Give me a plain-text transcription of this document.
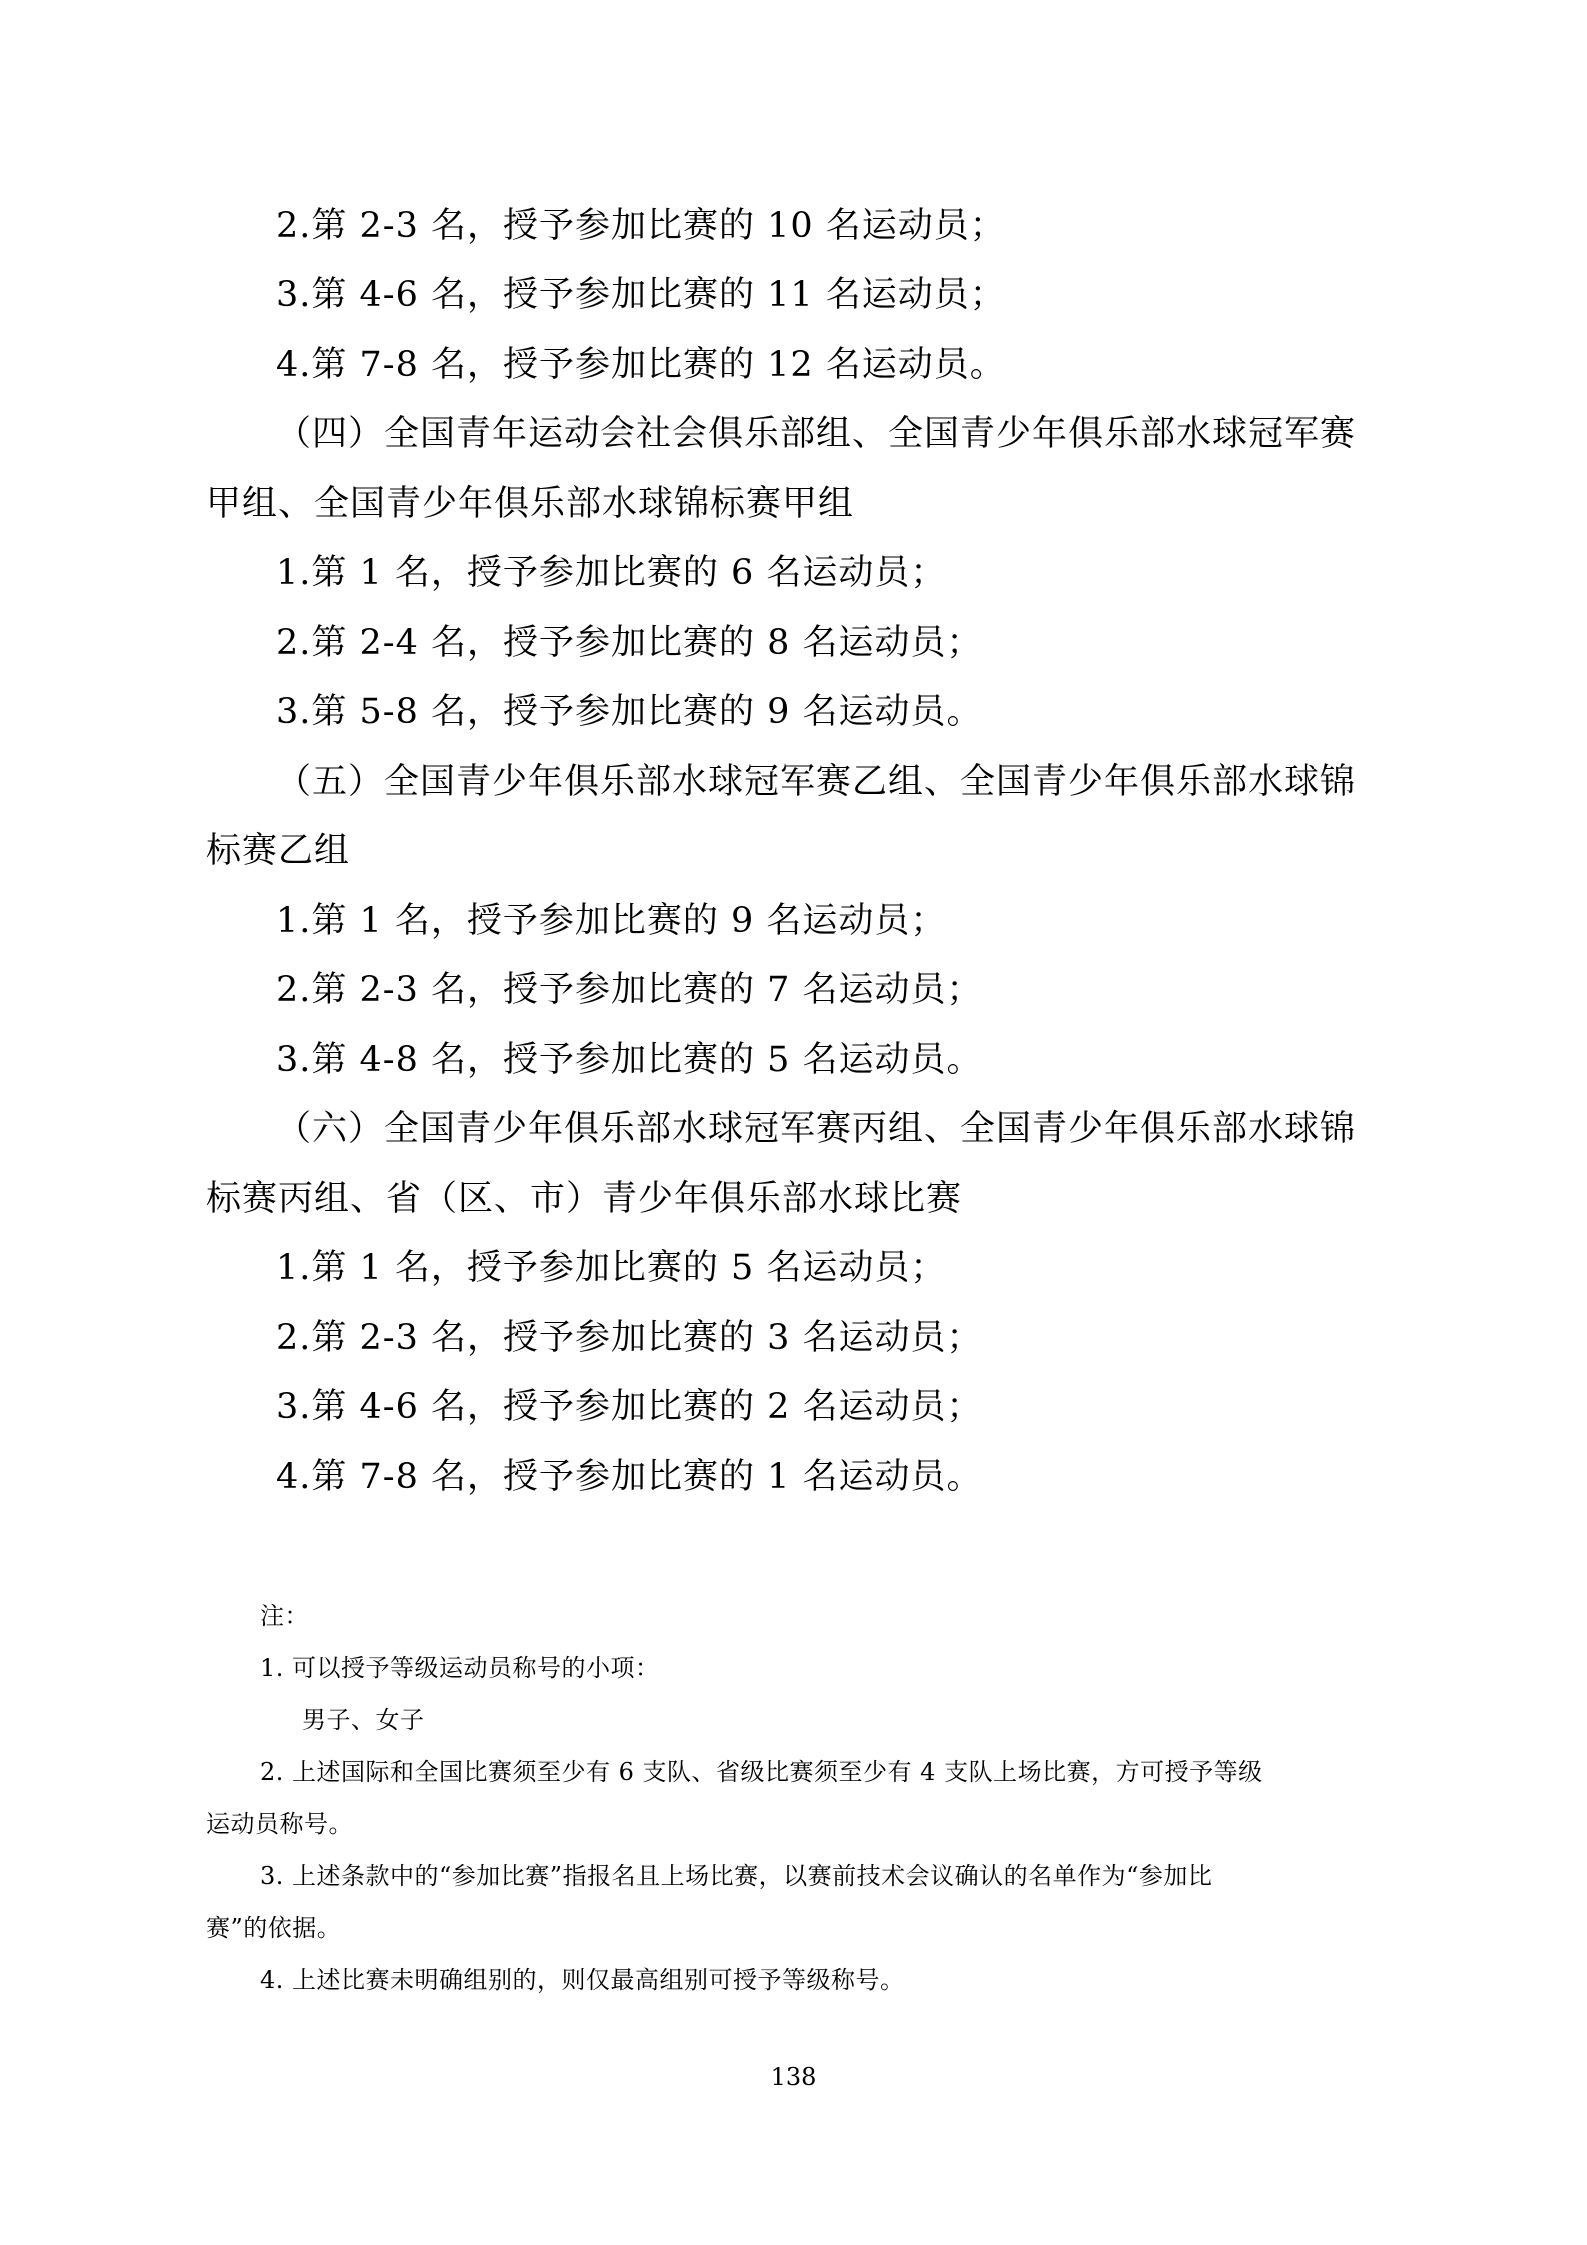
2.第 2-3 名，授予参加比赛的 10 名运动员；
3.第 4-6 名，授予参加比赛的 11 名运动员；
4.第 7-8 名，授予参加比赛的 12 名运动员。
（四）全国青年运动会社会俱乐部组、全国青少年俱乐部水球冠军赛
甲组、全国青少年俱乐部水球锦标赛甲组
1.第 1 名，授予参加比赛的 6 名运动员；
2.第 2-4 名，授予参加比赛的 8 名运动员；
3.第 5-8 名，授予参加比赛的 9 名运动员。
（五）全国青少年俱乐部水球冠军赛乙组、全国青少年俱乐部水球锦
标赛乙组
1.第 1 名，授予参加比赛的 9 名运动员；
2.第 2-3 名，授予参加比赛的 7 名运动员；
3.第 4-8 名，授予参加比赛的 5 名运动员。
（六）全国青少年俱乐部水球冠军赛丙组、全国青少年俱乐部水球锦
标赛丙组、省（区、市）青少年俱乐部水球比赛
1.第 1 名，授予参加比赛的 5 名运动员；
2.第 2-3 名，授予参加比赛的 3 名运动员；
3.第 4-6 名，授予参加比赛的 2 名运动员；
4.第 7-8 名，授予参加比赛的 1 名运动员。
注：
1. 可以授予等级运动员称号的小项：
男子、女子
2. 上述国际和全国比赛须至少有 6 支队、省级比赛须至少有 4 支队上场比赛，方可授予等级
运动员称号。
3. 上述条款中的“参加比赛”指报名且上场比赛，以赛前技术会议确认的名单作为“参加比
赛”的依据。
4. 上述比赛未明确组别的，则仅最高组别可授予等级称号。
138
